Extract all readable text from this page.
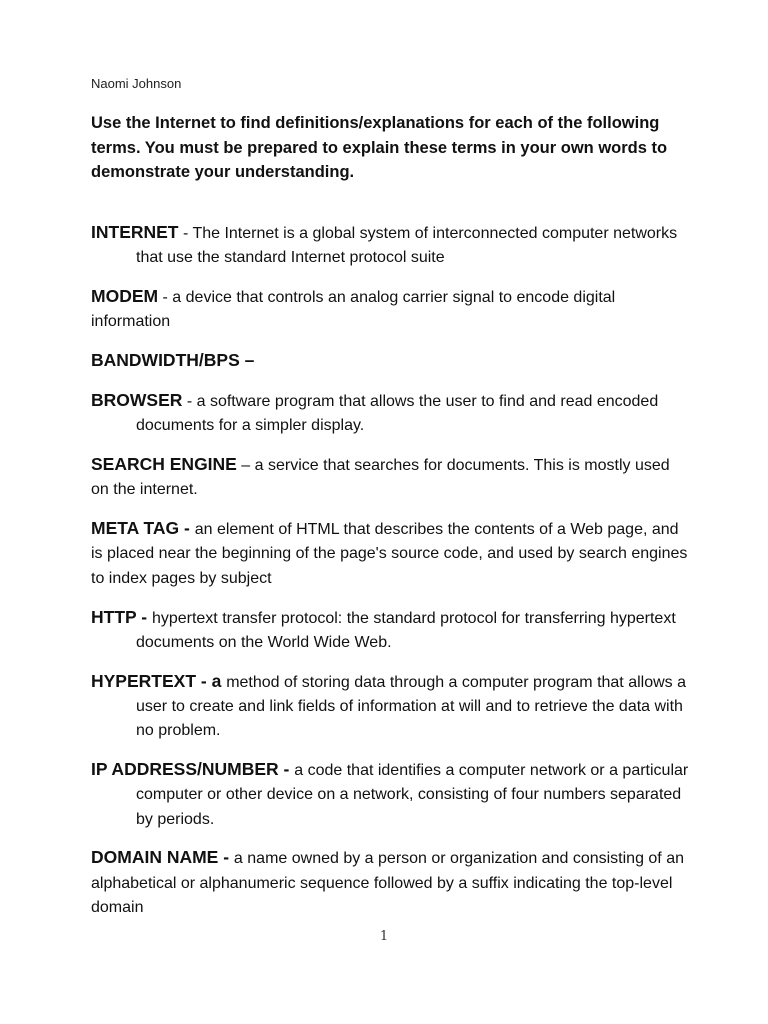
Naomi Johnson
Use the Internet to find definitions/explanations for each of the following terms. You must be prepared to explain these terms in your own words to demonstrate your understanding.
INTERNET - The Internet is a global system of interconnected computer networks that use the standard Internet protocol suite
MODEM - a device that controls an analog carrier signal to encode digital information
BANDWIDTH/BPS –
BROWSER - a software program that allows the user to find and read encoded documents for a simpler display.
SEARCH ENGINE – a service that searches for documents. This is mostly used on the internet.
META TAG - an element of HTML that describes the contents of a Web page, and is placed near the beginning of the page's source code, and used by search engines to index pages by subject
HTTP - hypertext transfer protocol: the standard protocol for transferring hypertext documents on the World Wide Web.
HYPERTEXT - a method of storing data through a computer program that allows a user to create and link fields of information at will and to retrieve the data with no problem.
IP ADDRESS/NUMBER - a code that identifies a computer network or a particular computer or other device on a network, consisting of four numbers separated by periods.
DOMAIN NAME - a name owned by a person or organization and consisting of an alphabetical or alphanumeric sequence followed by a suffix indicating the top-level domain
1
